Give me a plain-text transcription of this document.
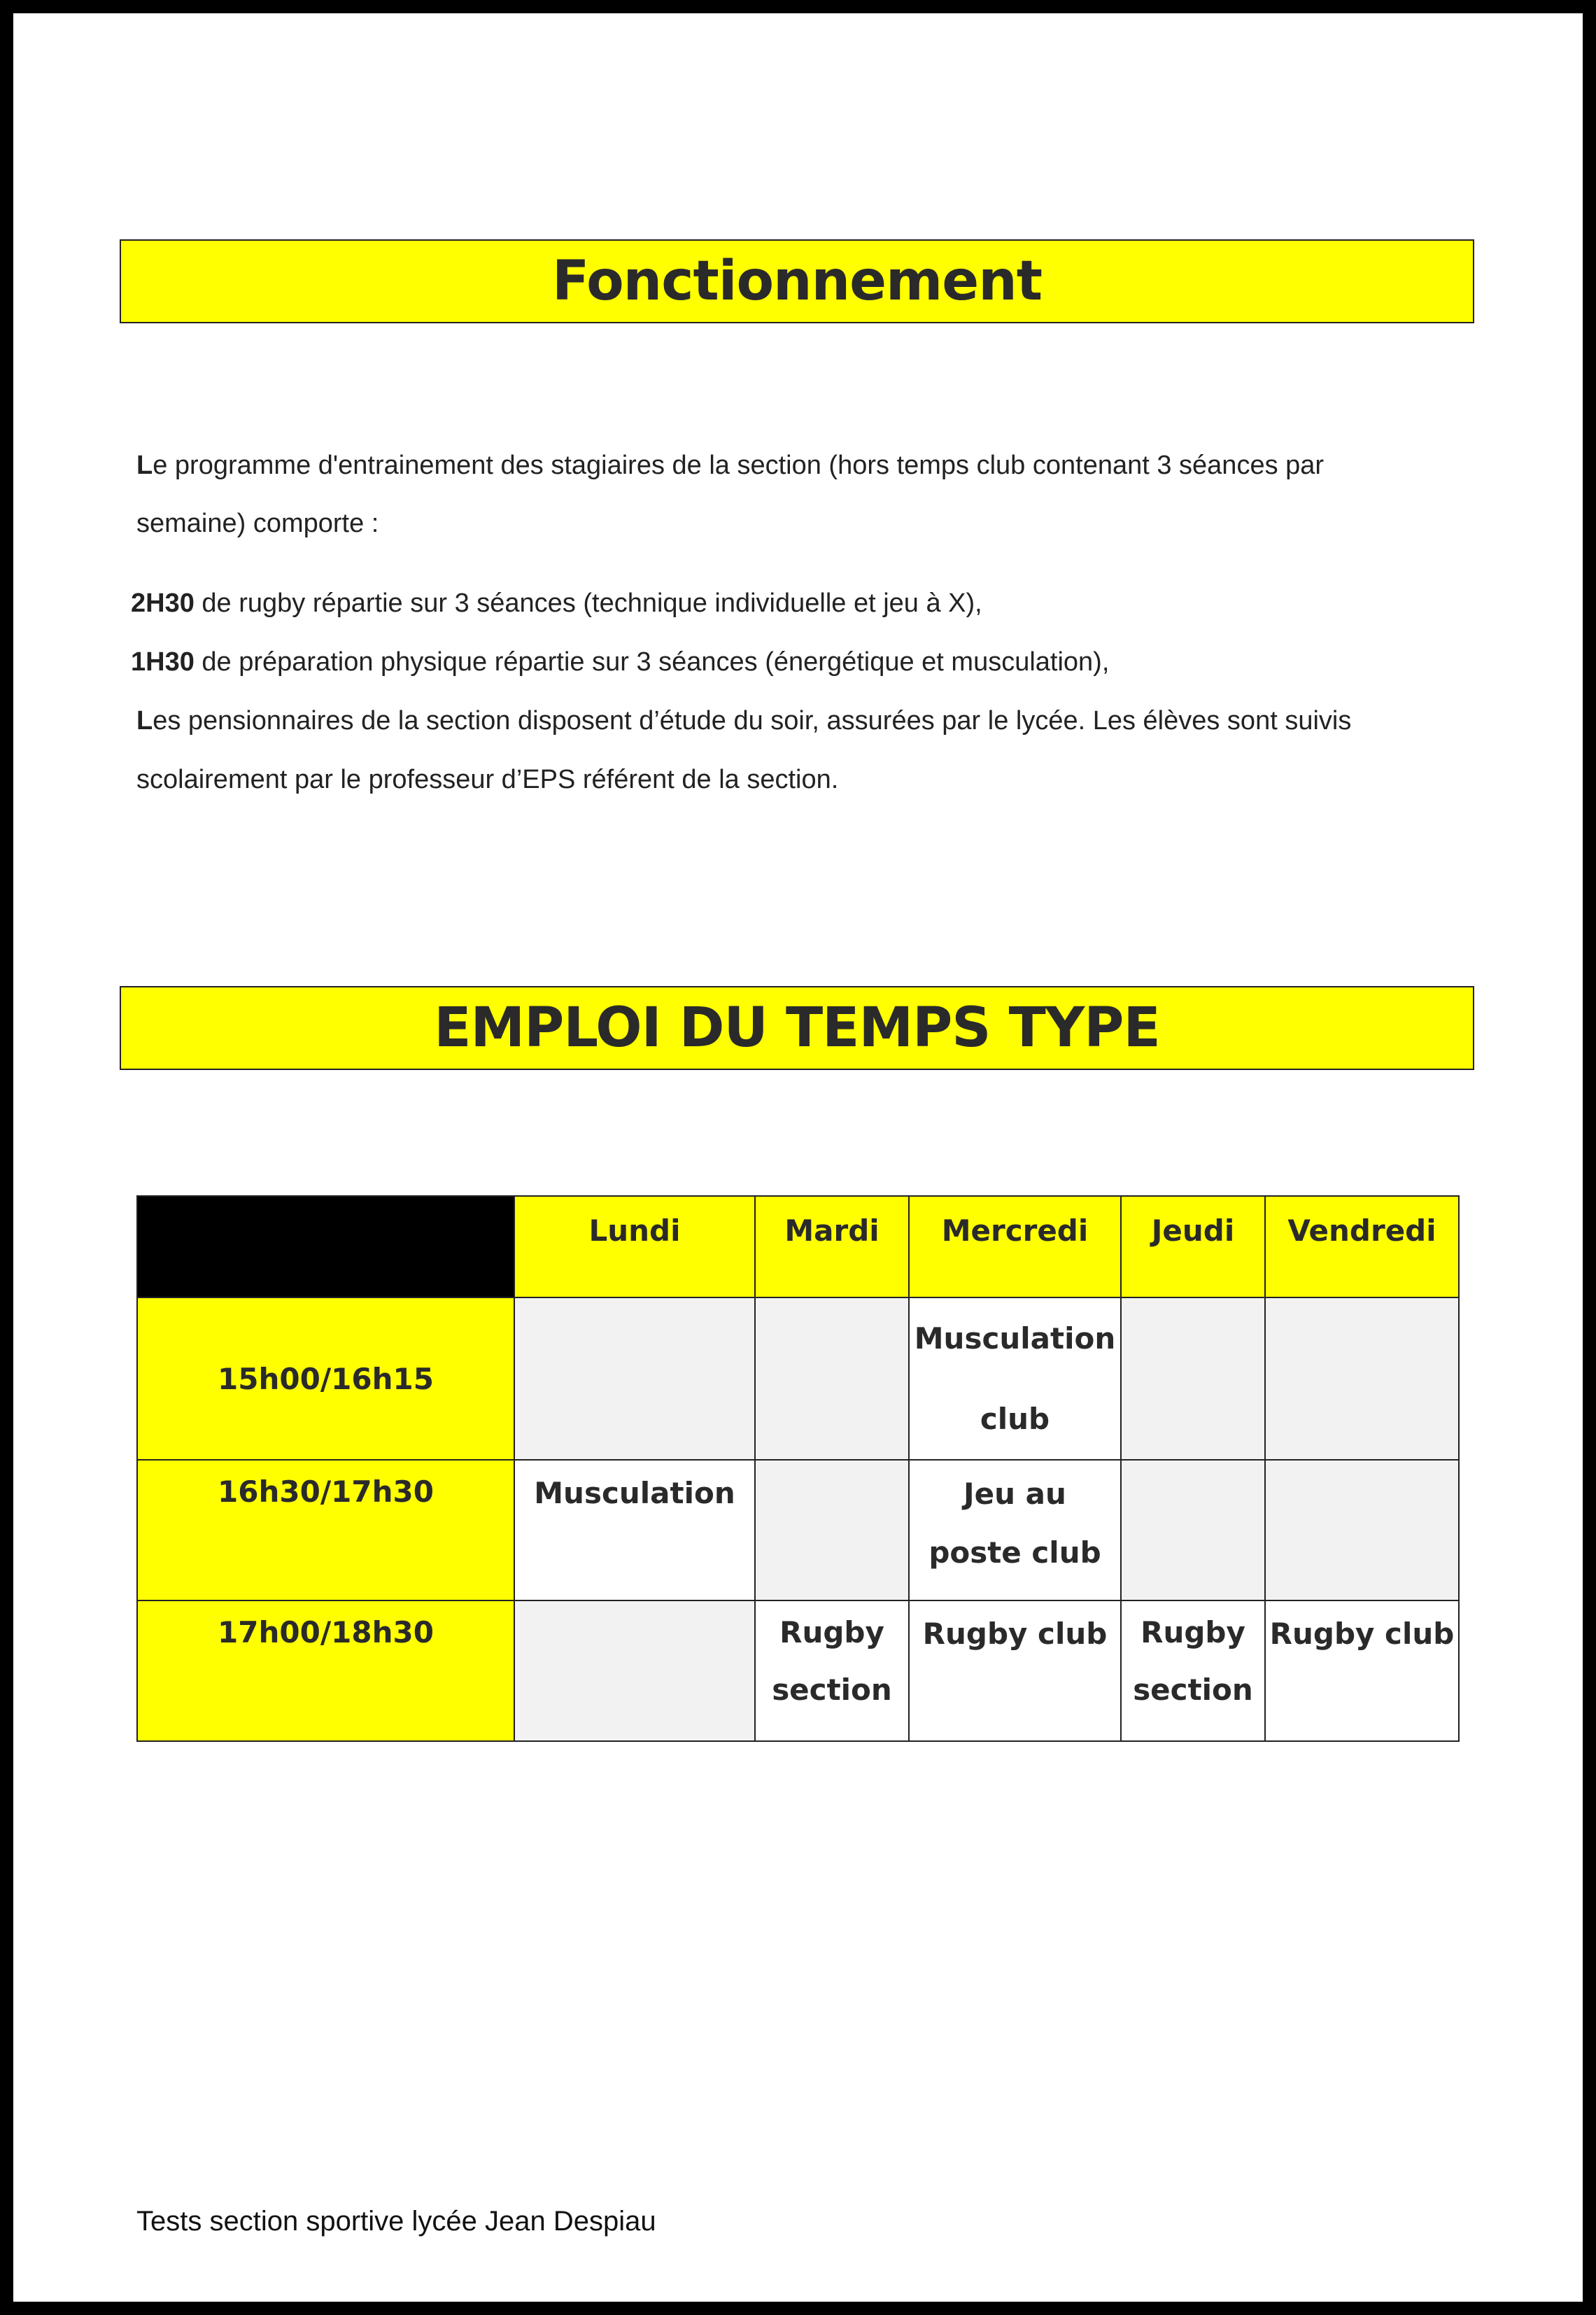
Fonctionnement
Le programme d'entrainement des stagiaires de la section (hors temps club contenant 3 séances par
semaine) comporte :
2H30 de rugby répartie sur 3 séances (technique individuelle et jeu à X),
1H30 de préparation physique répartie sur 3 séances (énergétique et musculation),
Les pensionnaires de la section disposent d’étude du soir, assurées par le lycée. Les élèves sont suivis
scolairement par le professeur d’EPS référent de la section.
EMPLOI DU TEMPS TYPE
	Lundi	Mardi	Mercredi	Jeudi	Vendredi
15h00/16h15			Musculation
club		

16h30/17h30	Musculation		Jeu au
poste club		

17h00/18h30		Rugby
section	Rugby club	Rugby
section	Rugby club
Tests section sportive lycée Jean Despiau
